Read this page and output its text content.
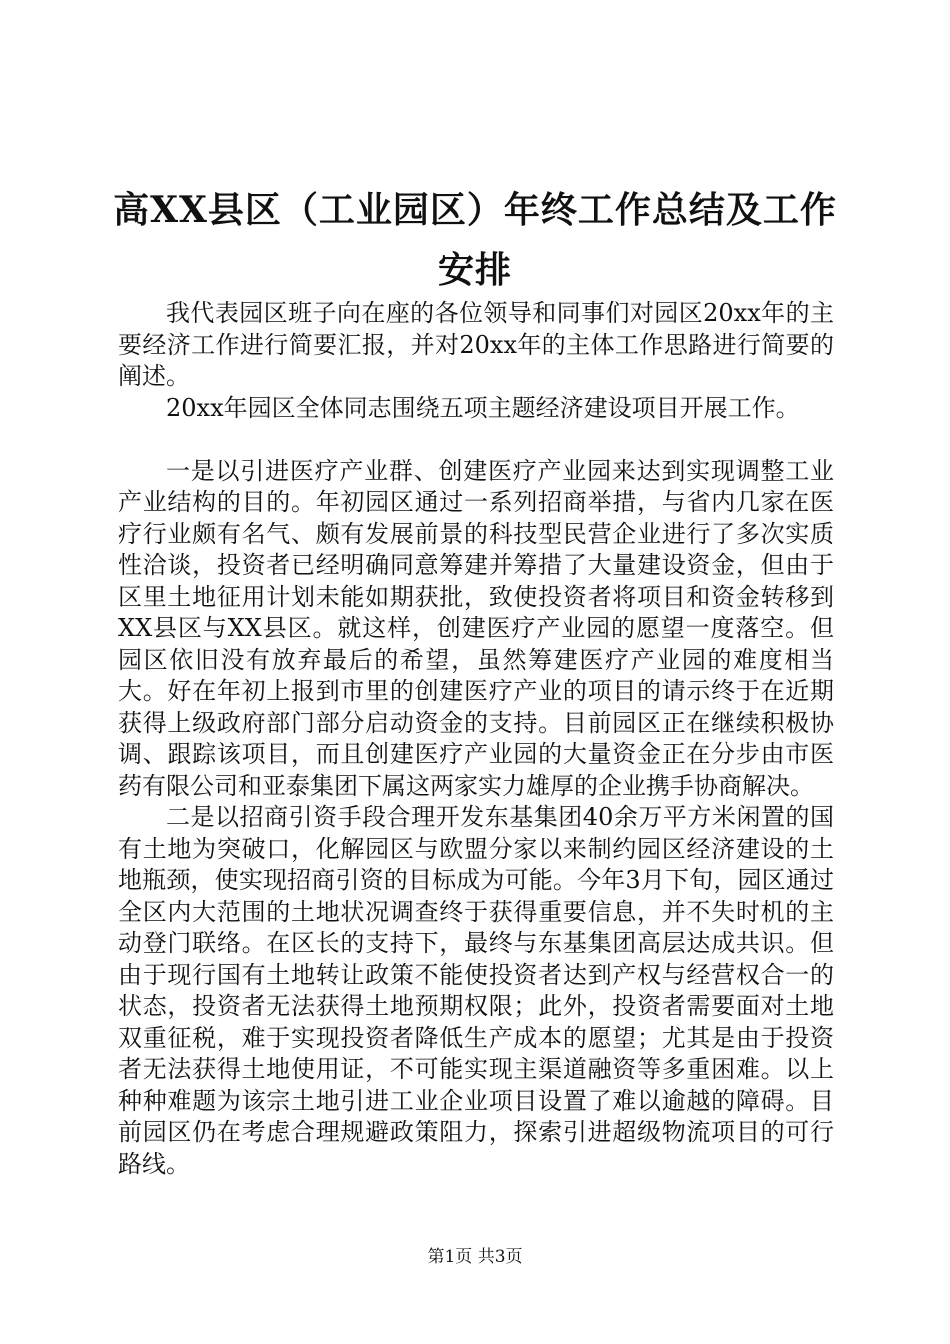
高XX县区（工业园区）年终工作总结及工作安排

我代表园区班子向在座的各位领导和同事们对园区20xx年的主要经济工作进行简要汇报，并对20xx年的主体工作思路进行简要的阐述。

20xx年园区全体同志围绕五项主题经济建设项目开展工作。

一是以引进医疗产业群、创建医疗产业园来达到实现调整工业产业结构的目的。年初园区通过一系列招商举措，与省内几家在医疗行业颇有名气、颇有发展前景的科技型民营企业进行了多次实质性洽谈，投资者已经明确同意筹建并筹措了大量建设资金，但由于区里土地征用计划未能如期获批，致使投资者将项目和资金转移到XX县区与XX县区。就这样，创建医疗产业园的愿望一度落空。但园区依旧没有放弃最后的希望，虽然筹建医疗产业园的难度相当大。好在年初上报到市里的创建医疗产业的项目的请示终于在近期获得上级政府部门部分启动资金的支持。目前园区正在继续积极协调、跟踪该项目，而且创建医疗产业园的大量资金正在分步由市医药有限公司和亚泰集团下属这两家实力雄厚的企业携手协商解决。

二是以招商引资手段合理开发东基集团40余万平方米闲置的国有土地为突破口，化解园区与欧盟分家以来制约园区经济建设的土地瓶颈，使实现招商引资的目标成为可能。今年3月下旬，园区通过全区内大范围的土地状况调查终于获得重要信息，并不失时机的主动登门联络。在区长的支持下，最终与东基集团高层达成共识。但由于现行国有土地转让政策不能使投资者达到产权与经营权合一的状态，投资者无法获得土地预期权限；此外，投资者需要面对土地双重征税，难于实现投资者降低生产成本的愿望；尤其是由于投资者无法获得土地使用证，不可能实现主渠道融资等多重困难。以上种种难题为该宗土地引进工业企业项目设置了难以逾越的障碍。目前园区仍在考虑合理规避政策阻力，探索引进超级物流项目的可行路线。

第1页 共3页
